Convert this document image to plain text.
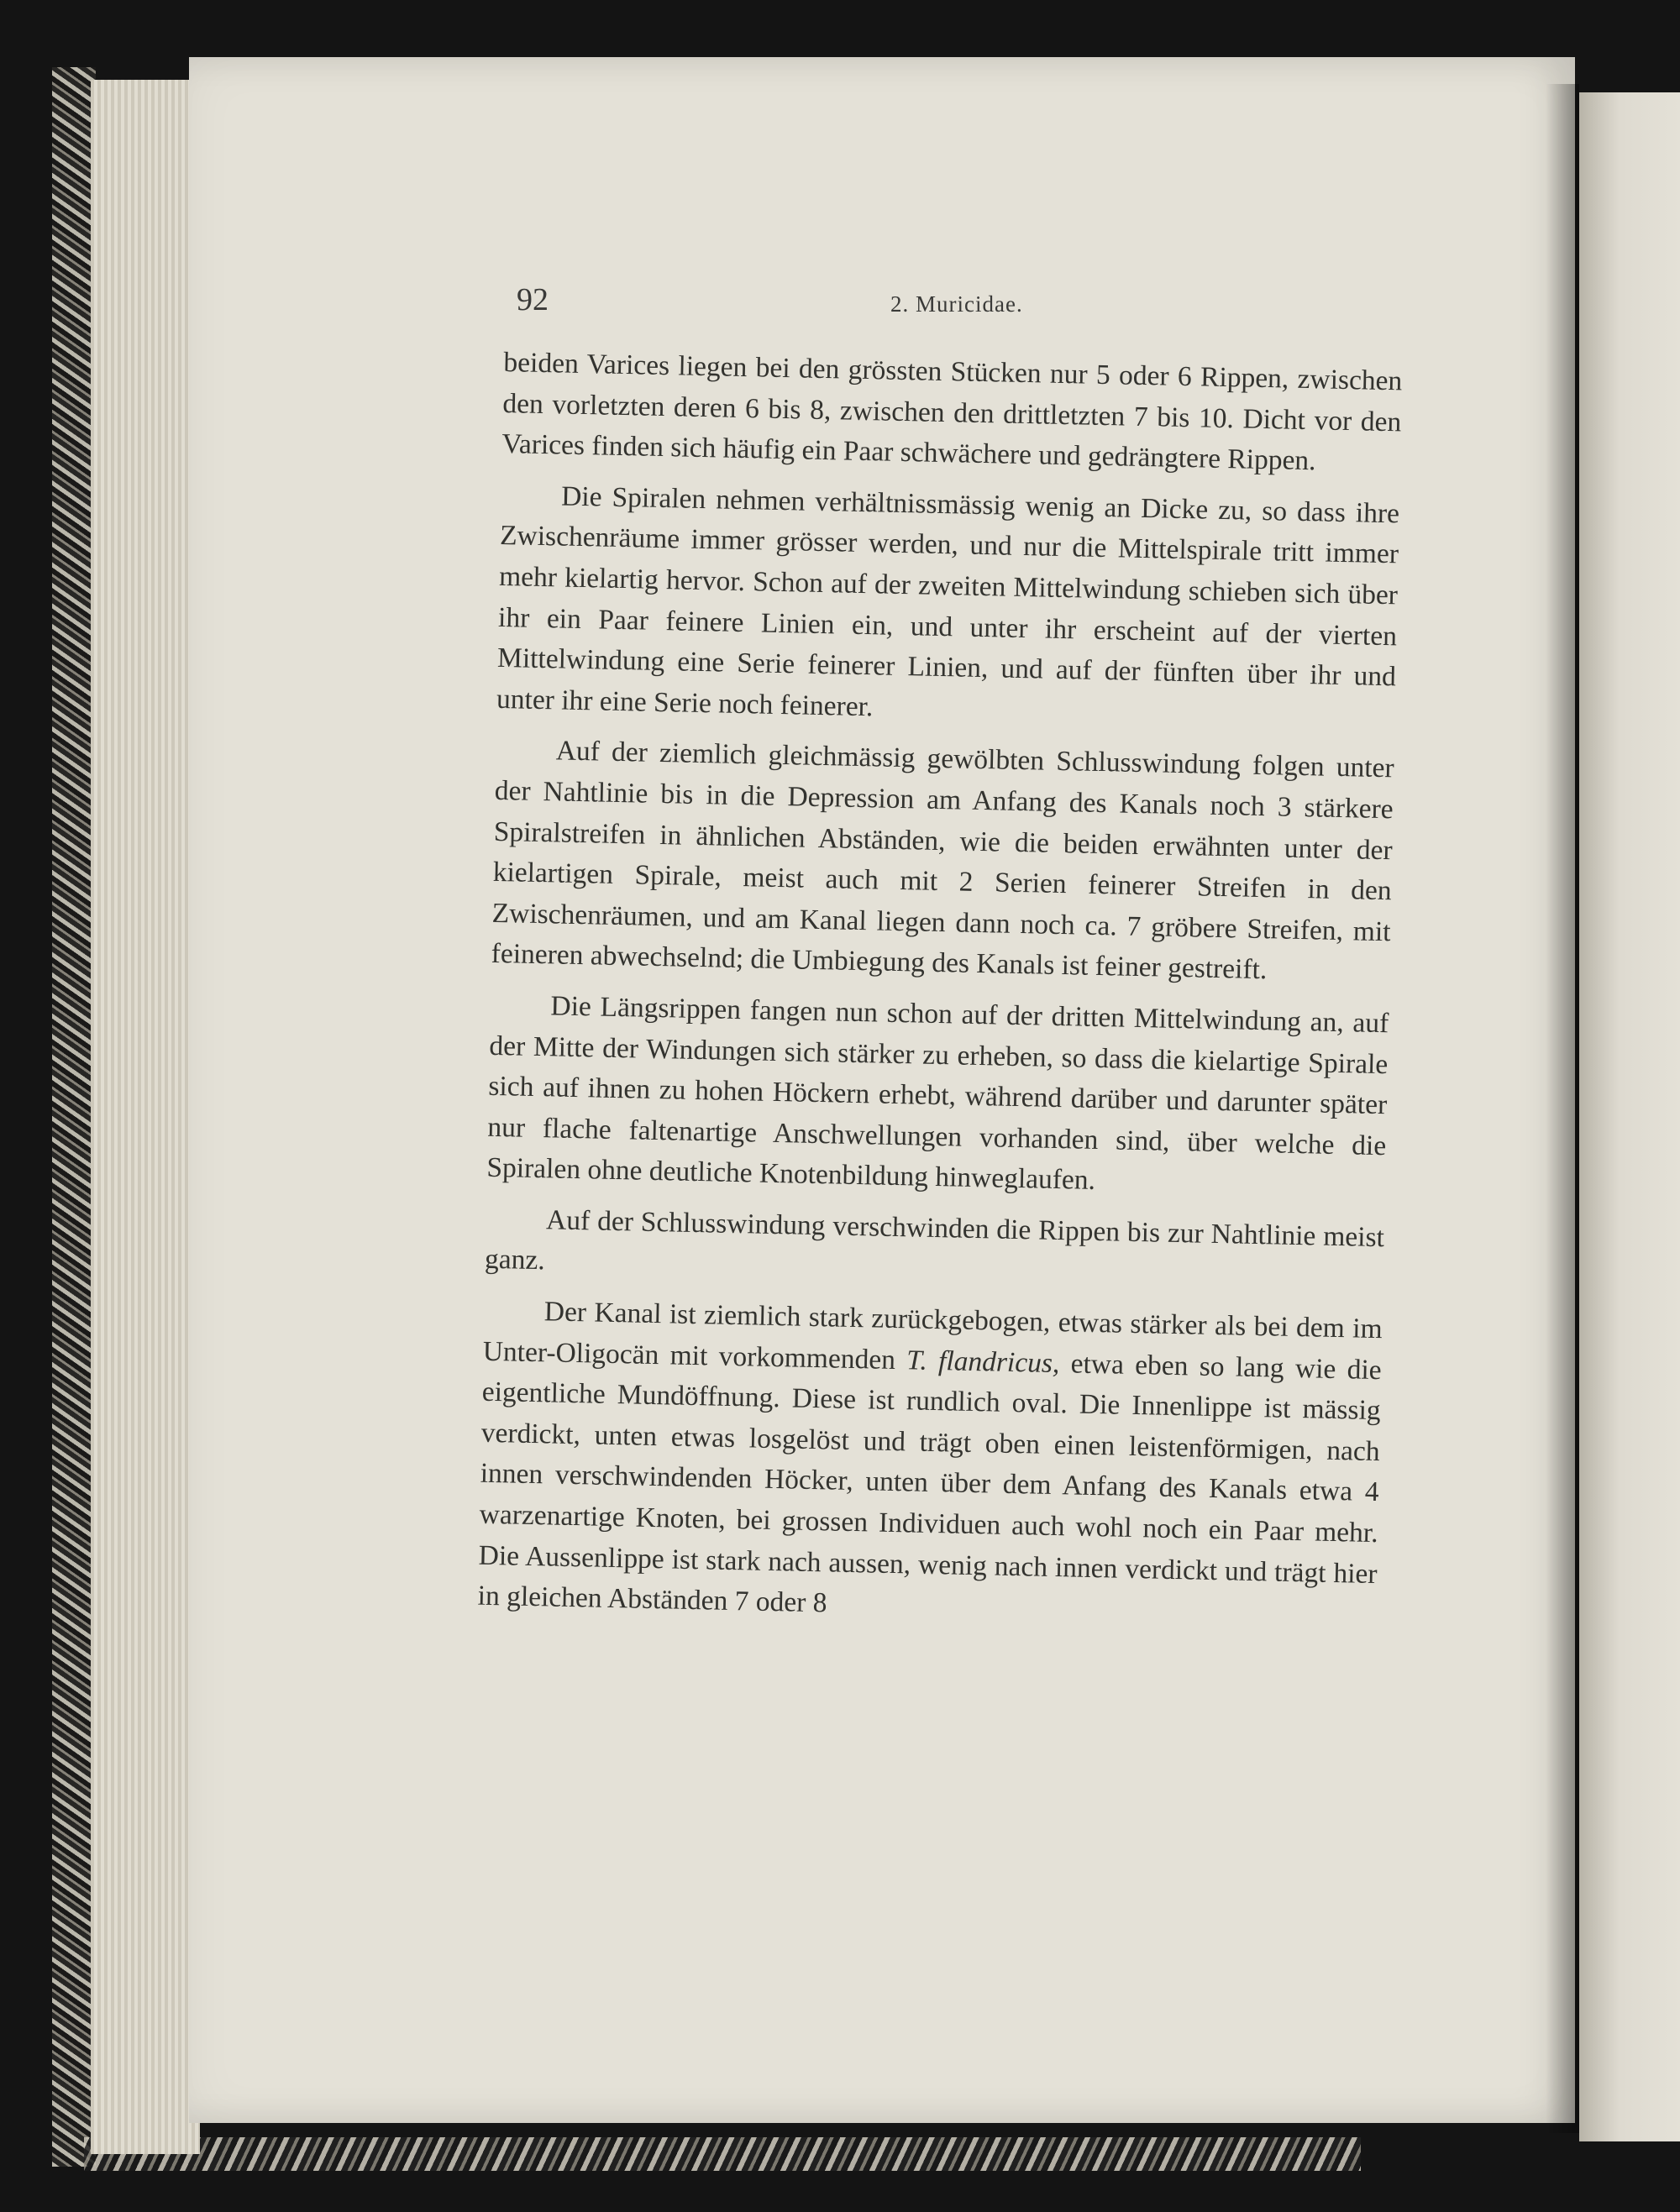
92	2. Muricidae.

beiden Varices liegen bei den grössten Stücken nur 5 oder 6 Rippen, zwischen den vorletzten deren 6 bis 8, zwischen den drittletzten 7 bis 10. Dicht vor den Varices finden sich häufig ein Paar schwächere und gedrängtere Rippen.

Die Spiralen nehmen verhältnissmässig wenig an Dicke zu, so dass ihre Zwischenräume immer grösser werden, und nur die Mittelspirale tritt immer mehr kielartig hervor. Schon auf der zweiten Mittelwindung schieben sich über ihr ein Paar feinere Linien ein, und unter ihr erscheint auf der vierten Mittelwindung eine Serie feinerer Linien, und auf der fünften über ihr und unter ihr eine Serie noch feinerer.

Auf der ziemlich gleichmässig gewölbten Schlusswindung folgen unter der Nahtlinie bis in die Depression am Anfang des Kanals noch 3 stärkere Spiralstreifen in ähnlichen Abständen, wie die beiden erwähnten unter der kielartigen Spirale, meist auch mit 2 Serien feinerer Streifen in den Zwischenräumen, und am Kanal liegen dann noch ca. 7 gröbere Streifen, mit feineren abwechselnd; die Umbiegung des Kanals ist feiner gestreift.

Die Längsrippen fangen nun schon auf der dritten Mittelwindung an, auf der Mitte der Windungen sich stärker zu erheben, so dass die kielartige Spirale sich auf ihnen zu hohen Höckern erhebt, während darüber und darunter später nur flache faltenartige Anschwellungen vorhanden sind, über welche die Spiralen ohne deutliche Knotenbildung hinweglaufen.

Auf der Schlusswindung verschwinden die Rippen bis zur Nahtlinie meist ganz.

Der Kanal ist ziemlich stark zurückgebogen, etwas stärker als bei dem im Unter-Oligocän mit vorkommenden T. flandricus, etwa eben so lang wie die eigentliche Mundöffnung. Diese ist rundlich oval. Die Innenlippe ist mässig verdickt, unten etwas losgelöst und trägt oben einen leistenförmigen, nach innen verschwindenden Höcker, unten über dem Anfang des Kanals etwa 4 warzenartige Knoten, bei grossen Individuen auch wohl noch ein Paar mehr. Die Aussenlippe ist stark nach aussen, wenig nach innen verdickt und trägt hier in gleichen Abständen 7 oder 8
